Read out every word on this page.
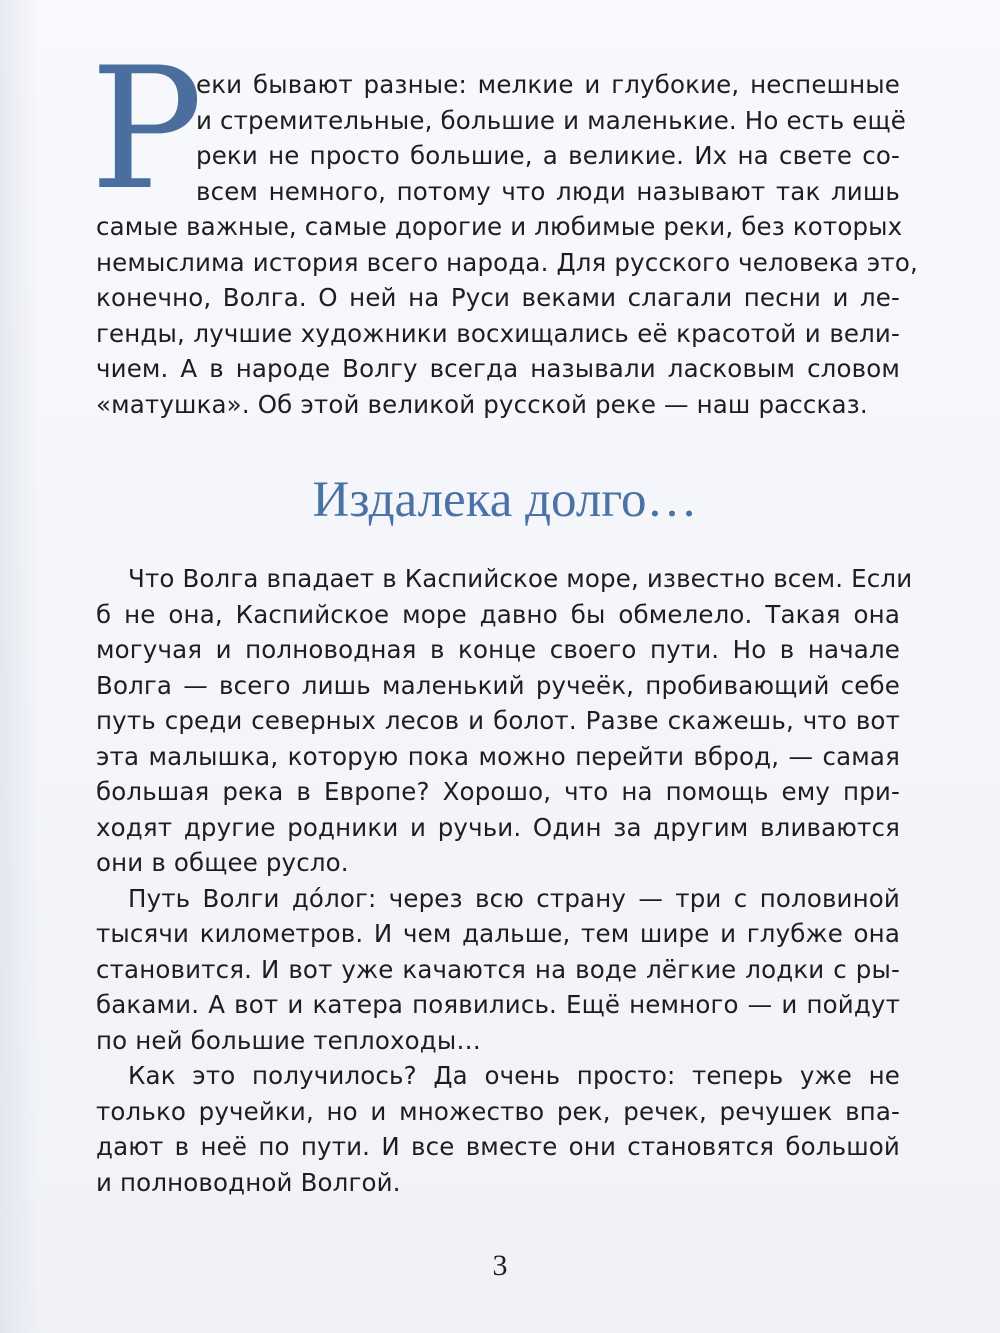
Р
еки бывают разные: мелкие и глубокие, неспешные
и стремительные, большие и маленькие. Но есть ещё
реки не просто большие, а великие. Их на свете со-
всем немного, потому что люди называют так лишь
самые важные, самые дорогие и любимые реки, без которых
немыслима история всего народа. Для русского человека это,
конечно, Волга. О ней на Руси веками слагали песни и ле-
генды, лучшие художники восхищались её красотой и вели-
чием. А в народе Волгу всегда называли ласковым словом
«матушка». Об этой великой русской реке — наш рассказ.
Издалека долго…
Что Волга впадает в Каспийское море, известно всем. Если
б не она, Каспийское море давно бы обмелело. Такая она
могучая и полноводная в конце своего пути. Но в начале
Волга — всего лишь маленький ручеёк, пробивающий себе
путь среди северных лесов и болот. Разве скажешь, что вот
эта малышка, которую пока можно перейти вброд, — самая
большая река в Европе? Хорошо, что на помощь ему при-
ходят другие родники и ручьи. Один за другим вливаются
они в общее русло.
Путь Волги до́лог: через всю страну — три с половиной
тысячи километров. И чем дальше, тем шире и глубже она
становится. И вот уже качаются на воде лёгкие лодки с ры-
баками. А вот и катера появились. Ещё немного — и пойдут
по ней большие теплоходы…
Как это получилось? Да очень просто: теперь уже не
только ручейки, но и множество рек, речек, речушек впа-
дают в неё по пути. И все вместе они становятся большой
и полноводной Волгой.
3
